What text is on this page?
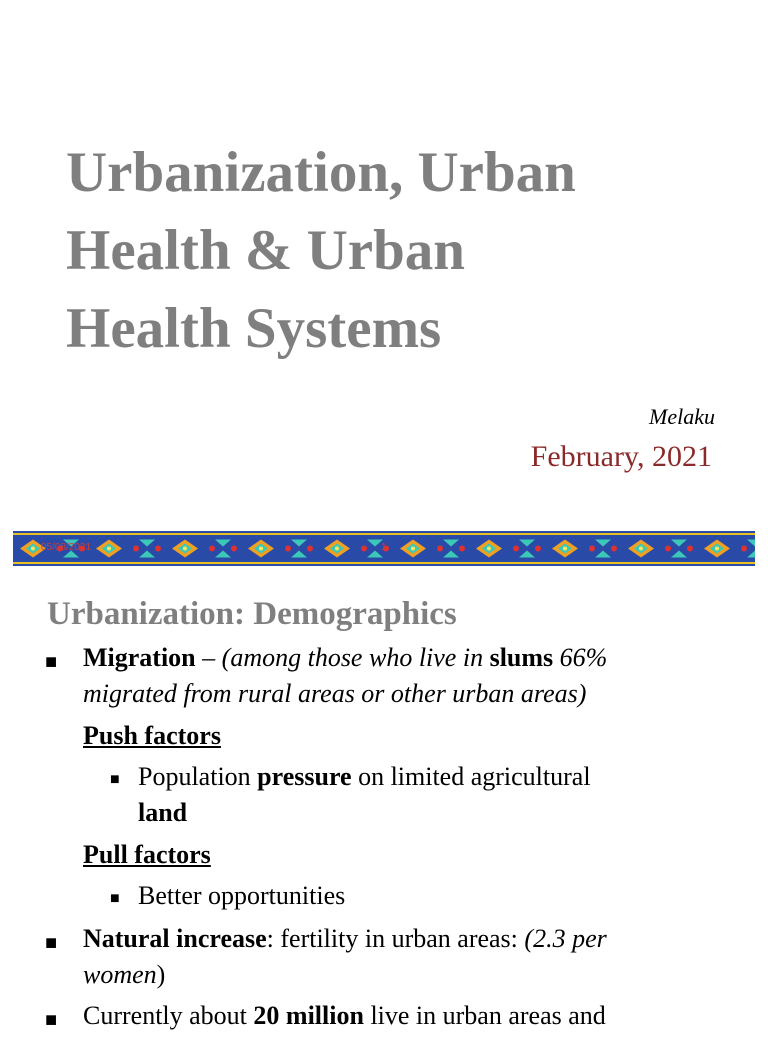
Urbanization, Urban
Health & Urban
Health Systems
Melaku
February, 2021
05/08/2021	1
Urbanization: Demographics
■ Migration – (among those who live in slums 66%
migrated from rural areas or other urban areas)
Push factors
■ Population pressure on limited agricultural
land
Pull factors
■ Better opportunities
■ Natural increase: fertility in urban areas: (2.3 per
women)
■ Currently about 20 million live in urban areas and
